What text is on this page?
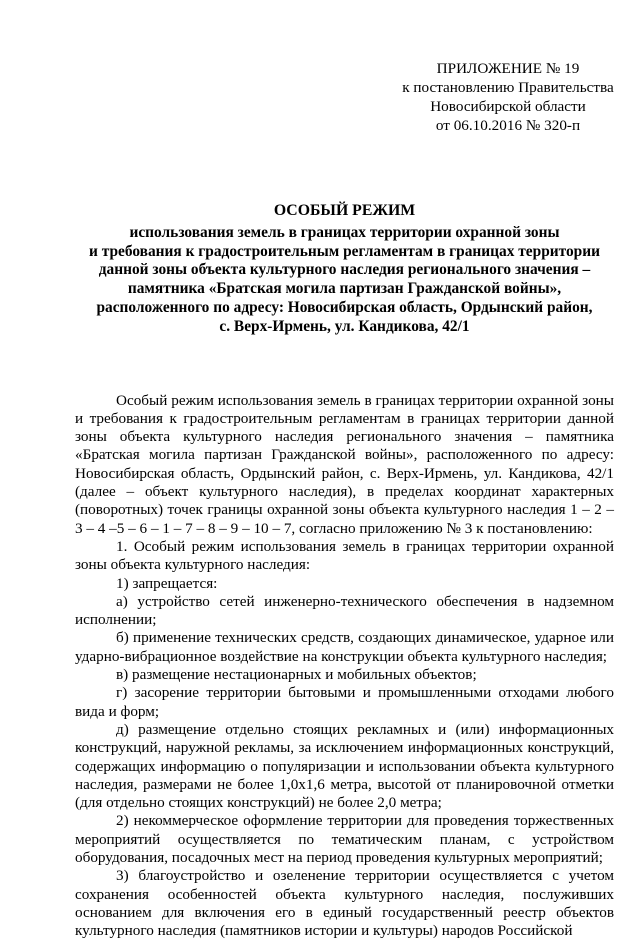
ПРИЛОЖЕНИЕ № 19
к постановлению Правительства
Новосибирской области
от 06.10.2016 № 320-п
ОСОБЫЙ РЕЖИМ
использования земель в границах территории охранной зоны
и требования к градостроительным регламентам в границах территории
данной зоны объекта культурного наследия регионального значения –
памятника «Братская могила партизан Гражданской войны»,
расположенного по адресу: Новосибирская область, Ордынский район,
с. Верх-Ирмень, ул. Кандикова, 42/1

Особый режим использования земель в границах территории охранной зоны и требования к градостроительным регламентам в границах территории данной зоны объекта культурного наследия регионального значения – памятника «Братская могила партизан Гражданской войны», расположенного по адресу: Новосибирская область, Ордынский район, с. Верх-Ирмень, ул. Кандикова, 42/1 (далее – объект культурного наследия), в пределах координат характерных (поворотных) точек границы охранной зоны объекта культурного наследия 1 – 2 – 3 – 4 –5 – 6 – 1 – 7 – 8 – 9 – 10 – 7, согласно приложению № 3 к постановлению:

1. Особый режим использования земель в границах территории охранной зоны объекта культурного наследия:

1) запрещается:

а) устройство сетей инженерно-технического обеспечения в надземном исполнении;

б) применение технических средств, создающих динамическое, ударное или ударно-вибрационное воздействие на конструкции объекта культурного наследия;

в) размещение нестационарных и мобильных объектов;

г) засорение территории бытовыми и промышленными отходами любого вида и форм;

д) размещение отдельно стоящих рекламных и (или) информационных конструкций, наружной рекламы, за исключением информационных конструкций, содержащих информацию о популяризации и использовании объекта культурного наследия, размерами не более 1,0х1,6 метра, высотой от планировочной отметки (для отдельно стоящих конструкций) не более 2,0 метра;

2) некоммерческое оформление территории для проведения торжественных мероприятий осуществляется по тематическим планам, с устройством оборудования, посадочных мест на период проведения культурных мероприятий;

3) благоустройство и озеленение территории осуществляется с учетом сохранения особенностей объекта культурного наследия, послуживших основанием для включения его в единый государственный реестр объектов культурного наследия (памятников истории и культуры) народов Российской
